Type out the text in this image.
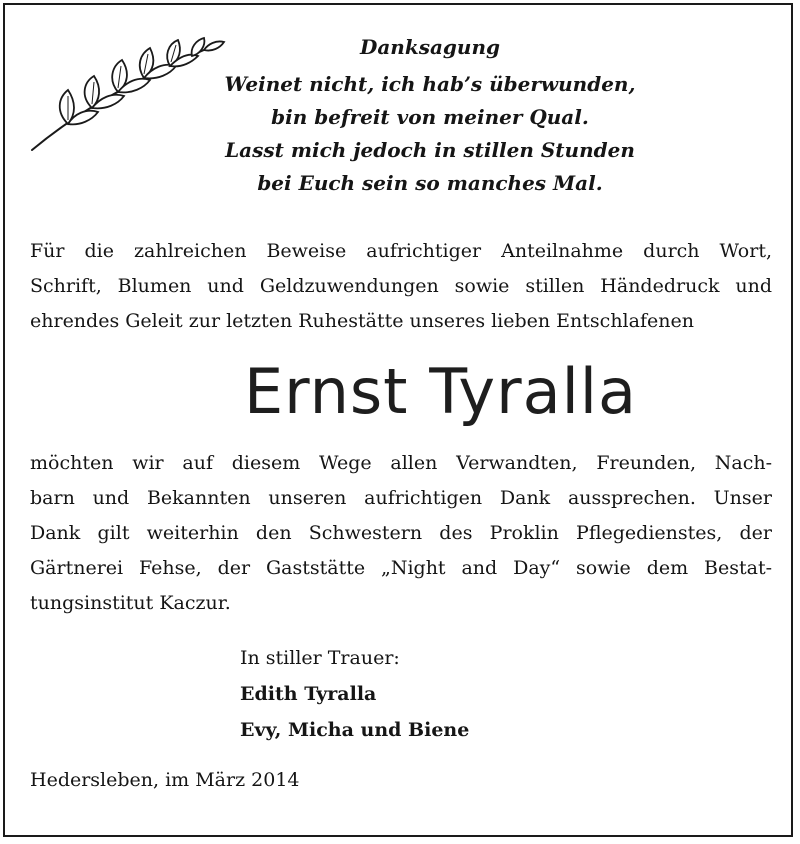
Danksagung
Weinet nicht, ich hab’s überwunden,
bin befreit von meiner Qual.
Lasst mich jedoch in stillen Stunden
bei Euch sein so manches Mal.
Für die zahlreichen Beweise aufrichtiger Anteilnahme durch Wort,
Schrift, Blumen und Geldzuwendungen sowie stillen Händedruck und
ehrendes Geleit zur letzten Ruhestätte unseres lieben Entschlafenen
Ernst Tyralla
möchten wir auf diesem Wege allen Verwandten, Freunden, Nach-
barn und Bekannten unseren aufrichtigen Dank aussprechen. Unser
Dank gilt weiterhin den Schwestern des Proklin Pflegedienstes, der
Gärtnerei Fehse, der Gaststätte „Night and Day“ sowie dem Bestat-
tungsinstitut Kaczur.
In stiller Trauer:
Edith Tyralla
Evy, Micha und Biene
Hedersleben, im März 2014
